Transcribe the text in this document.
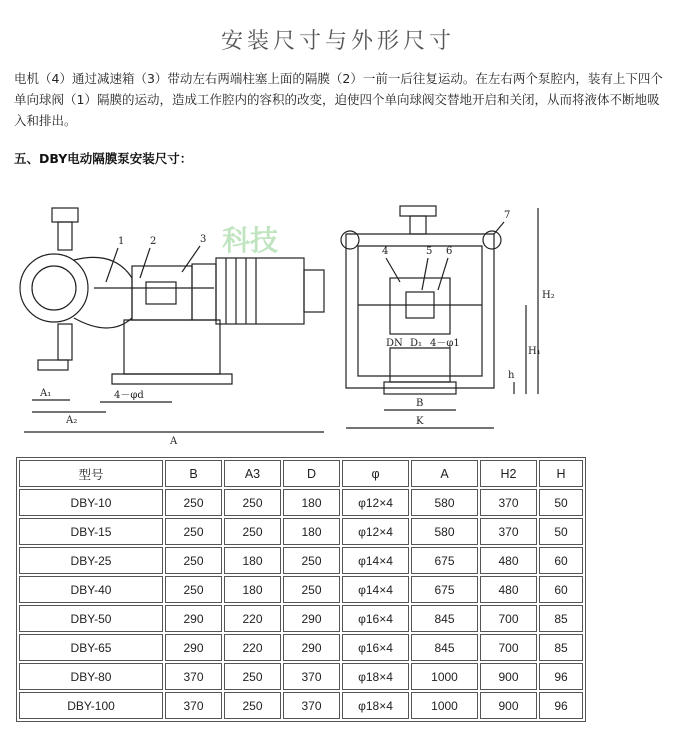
安装尺寸与外形尺寸
电机（4）通过减速箱（3）带动左右两端柱塞上面的隔膜（2）一前一后往复运动。在左右两个泵腔内，装有上下四个单向球阀（1）隔膜的运动，造成工作腔内的容积的改变，迫使四个单向球阀交替地开启和关闭，从而将液体不断地吸入和排出。
五、DBY电动隔膜泵安装尺寸：
科技
1	2	3
A₁
A₂
4－φd
A
4	5 6
7
DN D₁ 4－φ1
B
K
h
H₁
H₂
型号	B	A3	D	φ	A	H2	H
DBY-10	250	250	180	φ12×4	580	370	50
DBY-15	250	250	180	φ12×4	580	370	50
DBY-25	250	180	250	φ14×4	675	480	60
DBY-40	250	180	250	φ14×4	675	480	60
DBY-50	290	220	290	φ16×4	845	700	85
DBY-65	290	220	290	φ16×4	845	700	85
DBY-80	370	250	370	φ18×4	1000	900	96
DBY-100	370	250	370	φ18×4	1000	900	96
